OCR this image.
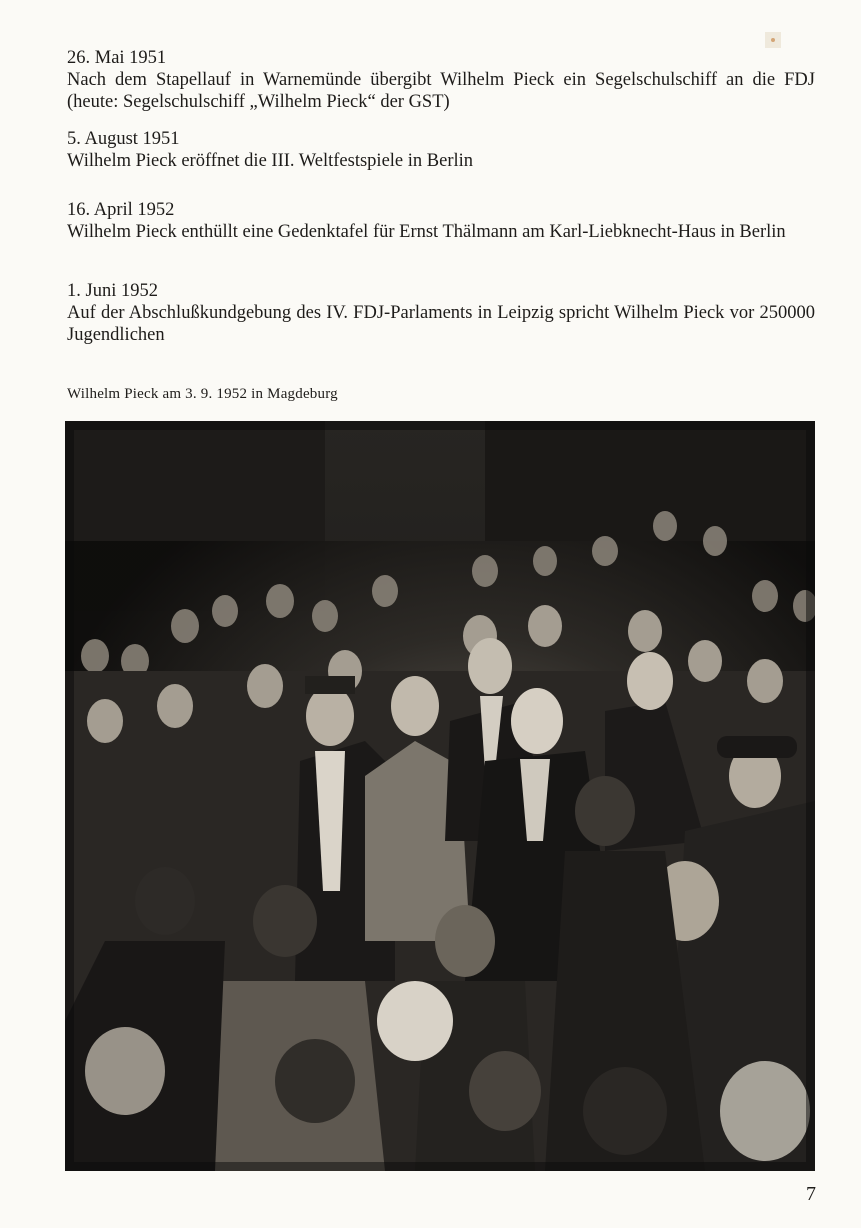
26. Mai 1951

Nach dem Stapellauf in Warnemünde übergibt Wilhelm Pieck ein Segelschulschiff an die FDJ (heute: Segelschulschiff „Wilhelm Pieck“ der GST)

5. August 1951

Wilhelm Pieck eröffnet die III. Weltfestspiele in Berlin

16. April 1952

Wilhelm Pieck enthüllt eine Gedenktafel für Ernst Thälmann am Karl-Liebknecht-Haus in Berlin

1. Juni 1952

Auf der Abschlußkundgebung des IV. FDJ-Parlaments in Leipzig spricht Wilhelm Pieck vor 250000 Jugendlichen

Wilhelm Pieck am 3. 9. 1952 in Magdeburg
7
